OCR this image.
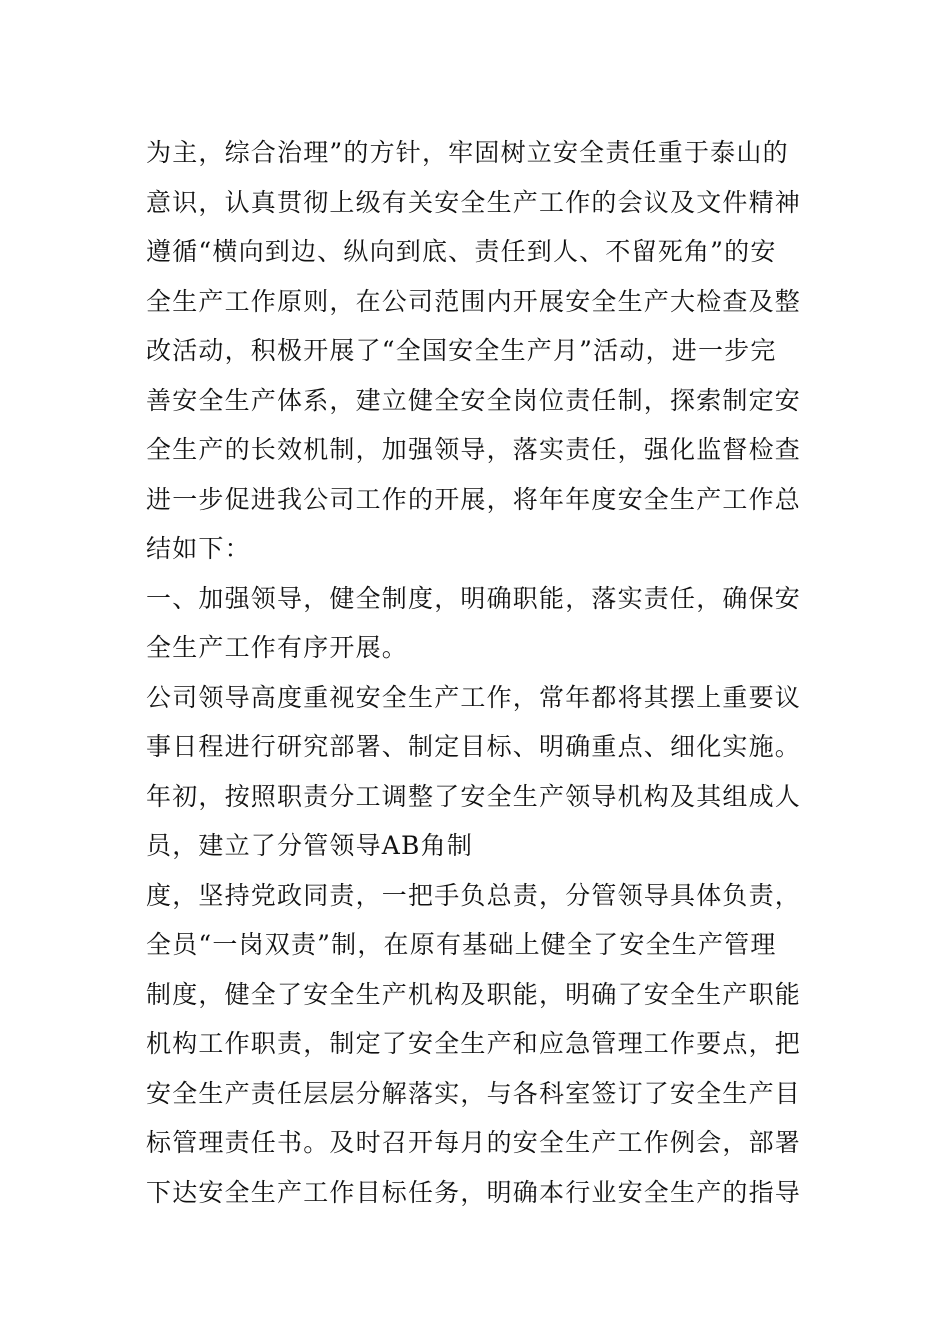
为主，综合治理”的方针，牢固树立安全责任重于泰山的
意识，认真贯彻上级有关安全生产工作的会议及文件精神
遵循“横向到边、纵向到底、责任到人、不留死角”的安
全生产工作原则，在公司范围内开展安全生产大检查及整
改活动，积极开展了“全国安全生产月”活动，进一步完
善安全生产体系，建立健全安全岗位责任制，探索制定安
全生产的长效机制，加强领导，落实责任，强化监督检查
进一步促进我公司工作的开展，将年年度安全生产工作总
结如下：
一、加强领导，健全制度，明确职能，落实责任，确保安
全生产工作有序开展。
公司领导高度重视安全生产工作，常年都将其摆上重要议
事日程进行研究部署、制定目标、明确重点、细化实施。
年初，按照职责分工调整了安全生产领导机构及其组成人
员，建立了分管领导AB角制
度，坚持党政同责，一把手负总责，分管领导具体负责，
全员“一岗双责”制，在原有基础上健全了安全生产管理
制度，健全了安全生产机构及职能，明确了安全生产职能
机构工作职责，制定了安全生产和应急管理工作要点，把
安全生产责任层层分解落实，与各科室签订了安全生产目
标管理责任书。及时召开每月的安全生产工作例会，部署
下达安全生产工作目标任务，明确本行业安全生产的指导
